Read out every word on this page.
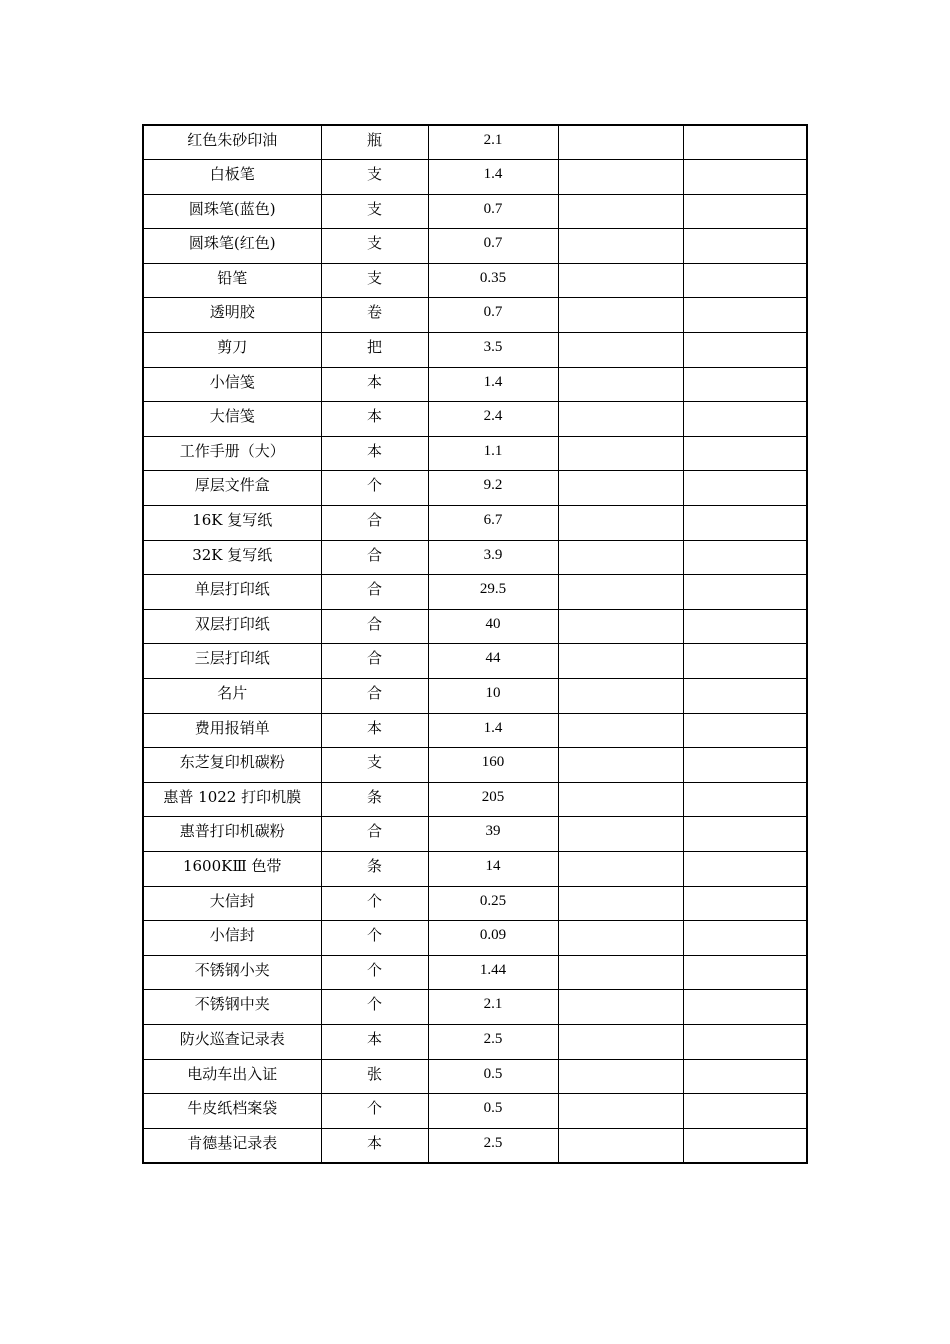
红色朱砂印油	瓶	2.1		
白板笔	支	1.4		
圆珠笔(蓝色)	支	0.7		
圆珠笔(红色)	支	0.7		
铅笔	支	0.35		
透明胶	卷	0.7		
剪刀	把	3.5		
小信笺	本	1.4		
大信笺	本	2.4		
工作手册（大）	本	1.1		
厚层文件盒	个	9.2		
16K 复写纸	合	6.7		
32K 复写纸	合	3.9		
单层打印纸	合	29.5		
双层打印纸	合	40		
三层打印纸	合	44		
名片	合	10		
费用报销单	本	1.4		
东芝复印机碳粉	支	160		
惠普 1022 打印机膜	条	205		
惠普打印机碳粉	合	39		
1600KⅢ 色带	条	14		
大信封	个	0.25		
小信封	个	0.09		
不锈钢小夹	个	1.44		
不锈钢中夹	个	2.1		
防火巡查记录表	本	2.5		
电动车出入证	张	0.5		
牛皮纸档案袋	个	0.5		
肯德基记录表	本	2.5		
